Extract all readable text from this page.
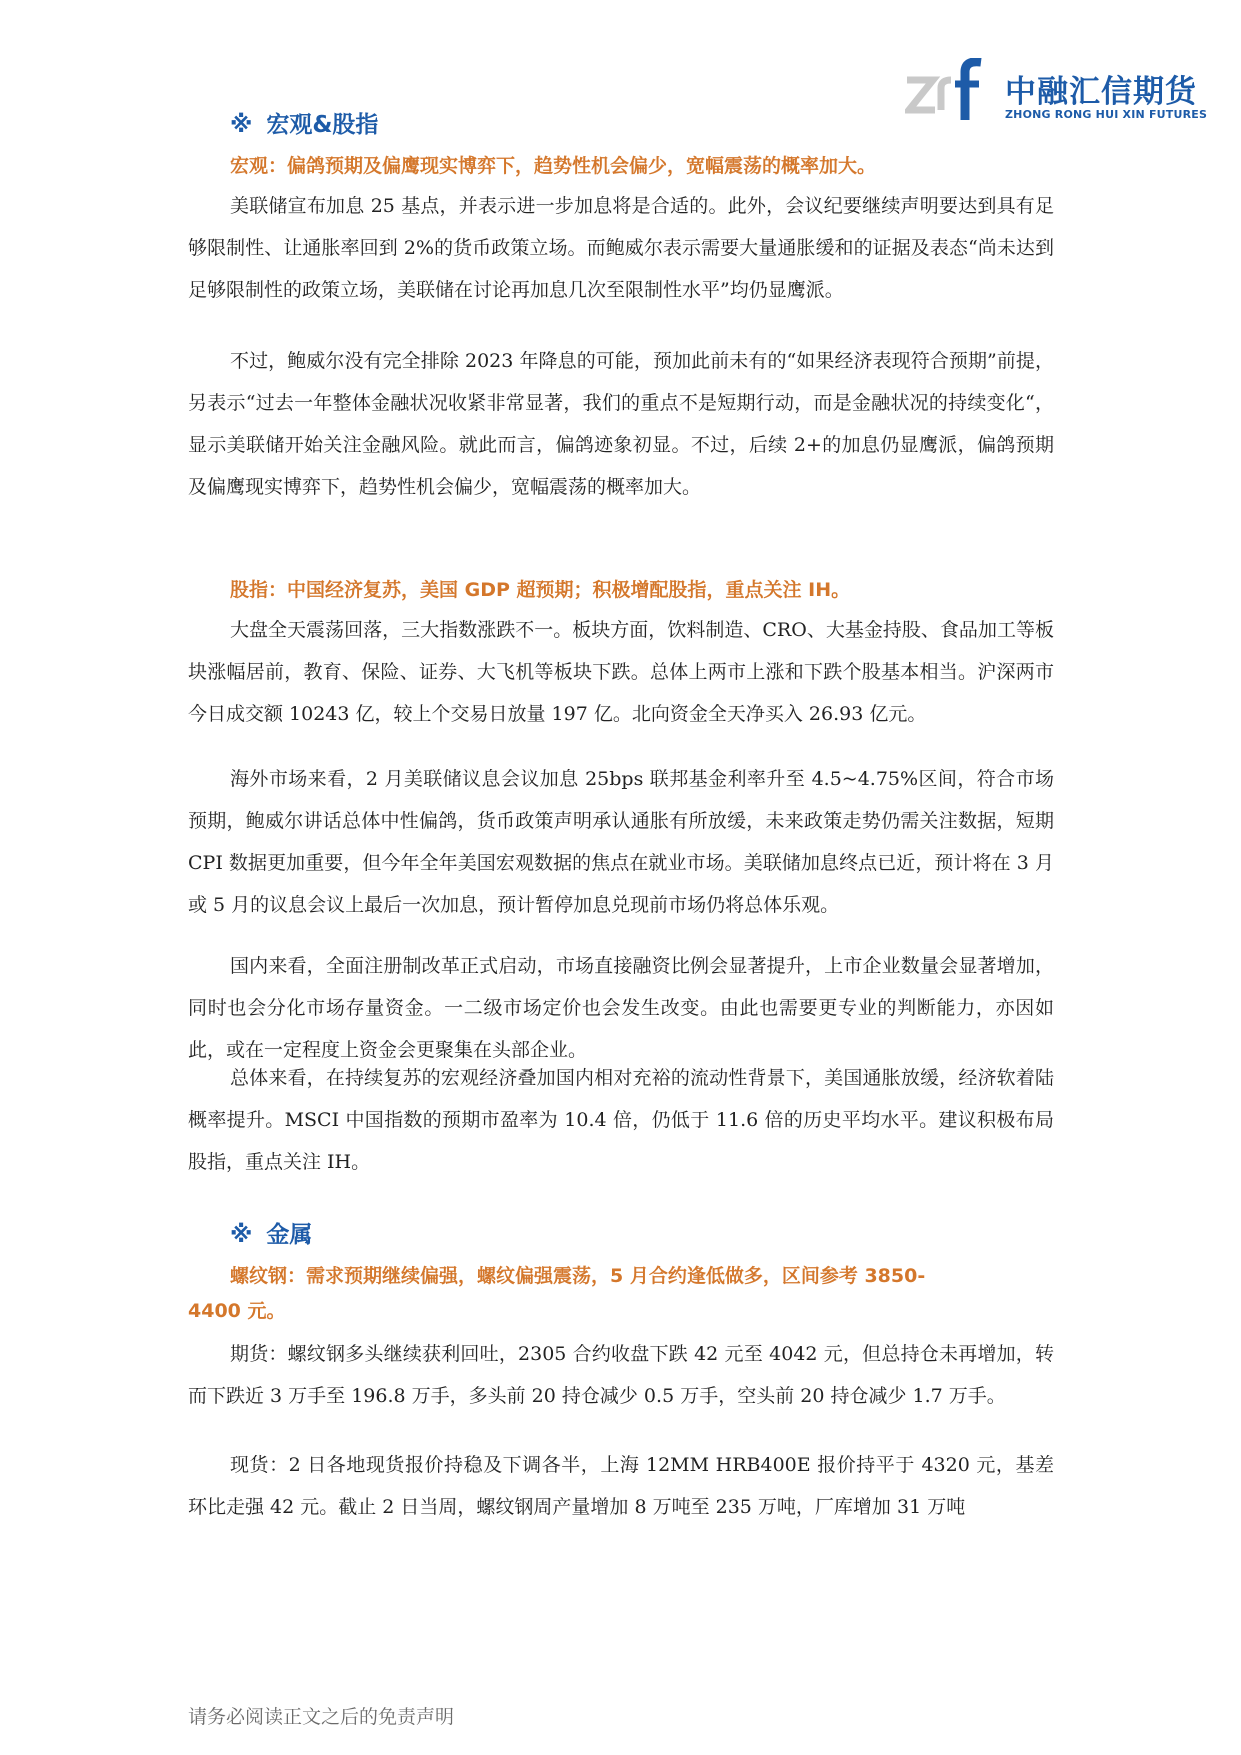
中融汇信期货
ZHONG RONG HUI XIN FUTURES
※ 宏观&股指
宏观：偏鸽预期及偏鹰现实博弈下，趋势性机会偏少，宽幅震荡的概率加大。
美联储宣布加息 25 基点，并表示进一步加息将是合适的。此外，会议纪要继续声明要达到具有足够限制性、让通胀率回到 2%的货币政策立场。而鲍威尔表示需要大量通胀缓和的证据及表态“尚未达到足够限制性的政策立场，美联储在讨论再加息几次至限制性水平”均仍显鹰派。
不过，鲍威尔没有完全排除 2023 年降息的可能，预加此前未有的“如果经济表现符合预期”前提，另表示“过去一年整体金融状况收紧非常显著，我们的重点不是短期行动，而是金融状况的持续变化“，显示美联储开始关注金融风险。就此而言，偏鸽迹象初显。不过，后续 2+的加息仍显鹰派，偏鸽预期及偏鹰现实博弈下，趋势性机会偏少，宽幅震荡的概率加大。
股指：中国经济复苏，美国 GDP 超预期；积极增配股指，重点关注 IH。
大盘全天震荡回落，三大指数涨跌不一。板块方面，饮料制造、CRO、大基金持股、食品加工等板块涨幅居前，教育、保险、证券、大飞机等板块下跌。总体上两市上涨和下跌个股基本相当。沪深两市今日成交额 10243 亿，较上个交易日放量 197 亿。北向资金全天净买入 26.93 亿元。
海外市场来看，2 月美联储议息会议加息 25bps 联邦基金利率升至 4.5~4.75%区间，符合市场预期，鲍威尔讲话总体中性偏鸽，货币政策声明承认通胀有所放缓，未来政策走势仍需关注数据，短期 CPI 数据更加重要，但今年全年美国宏观数据的焦点在就业市场。美联储加息终点已近，预计将在 3 月或 5 月的议息会议上最后一次加息，预计暂停加息兑现前市场仍将总体乐观。
国内来看，全面注册制改革正式启动，市场直接融资比例会显著提升，上市企业数量会显著增加，同时也会分化市场存量资金。一二级市场定价也会发生改变。由此也需要更专业的判断能力，亦因如此，或在一定程度上资金会更聚集在头部企业。
总体来看，在持续复苏的宏观经济叠加国内相对充裕的流动性背景下，美国通胀放缓，经济软着陆概率提升。MSCI 中国指数的预期市盈率为 10.4 倍，仍低于 11.6 倍的历史平均水平。建议积极布局股指，重点关注 IH。
※ 金属
螺纹钢：需求预期继续偏强，螺纹偏强震荡，5 月合约逢低做多，区间参考 3850-
4400 元。
期货：螺纹钢多头继续获利回吐，2305 合约收盘下跌 42 元至 4042 元，但总持仓未再增加，转而下跌近 3 万手至 196.8 万手，多头前 20 持仓减少 0.5 万手，空头前 20 持仓减少 1.7 万手。
现货：2 日各地现货报价持稳及下调各半，上海 12MM HRB400E 报价持平于 4320 元，基差环比走强 42 元。截止 2 日当周，螺纹钢周产量增加 8 万吨至 235 万吨，厂库增加 31 万吨
请务必阅读正文之后的免责声明
